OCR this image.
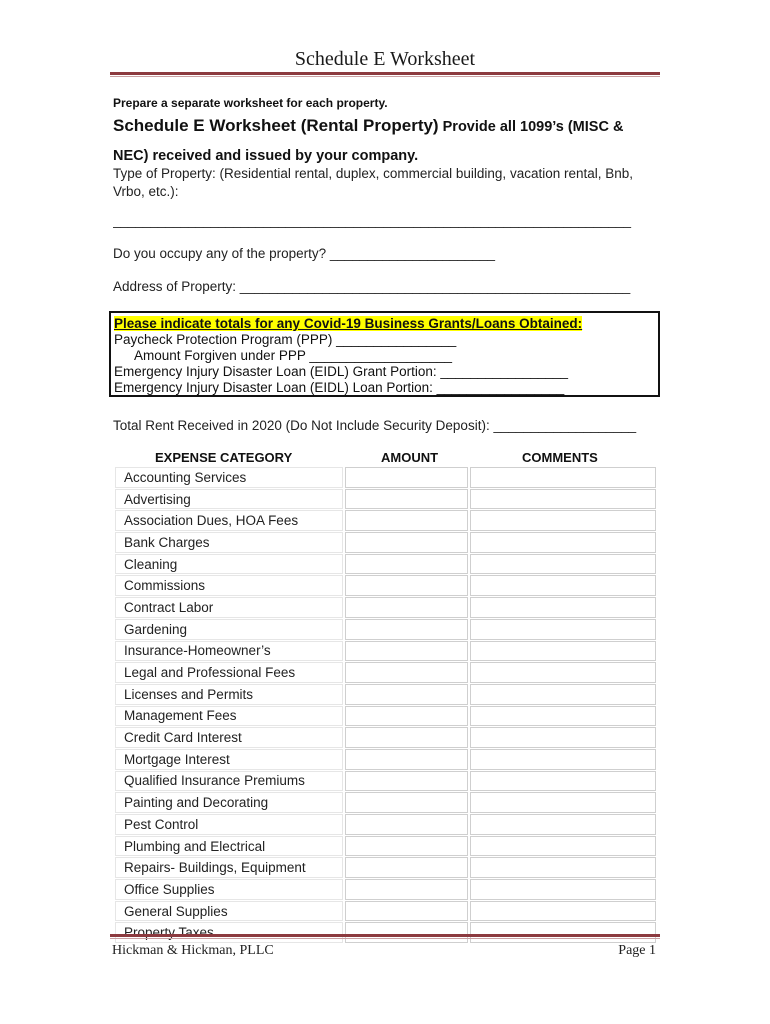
Schedule E Worksheet
Prepare a separate worksheet for each property.
Schedule E Worksheet (Rental Property) Provide all 1099’s (MISC & NEC) received and issued by your company.
Type of Property: (Residential rental, duplex, commercial building, vacation rental, Bnb, Vrbo, etc.):
_____________________________________________________________________
Do you occupy any of the property? ______________________
Address of Property: ____________________________________________________
Please indicate totals for any Covid-19 Business Grants/Loans Obtained:
Paycheck Protection Program (PPP) ________________
Amount Forgiven under PPP ___________________
Emergency Injury Disaster Loan (EIDL) Grant Portion: _________________
Emergency Injury Disaster Loan (EIDL) Loan Portion: _________________
Total Rent Received in 2020 (Do Not Include Security Deposit): ___________________
EXPENSE CATEGORY	AMOUNT	COMMENTS
Accounting Services		
Advertising		
Association Dues, HOA Fees		
Bank Charges		
Cleaning		
Commissions		
Contract Labor		
Gardening		
Insurance-Homeowner’s		
Legal and Professional Fees		
Licenses and Permits		
Management Fees		
Credit Card Interest		
Mortgage Interest		
Qualified Insurance Premiums		
Painting and Decorating		
Pest Control		
Plumbing and Electrical		
Repairs- Buildings, Equipment		
Office Supplies		
General Supplies		
Property Taxes		
Hickman & Hickman, PLLC	Page 1
